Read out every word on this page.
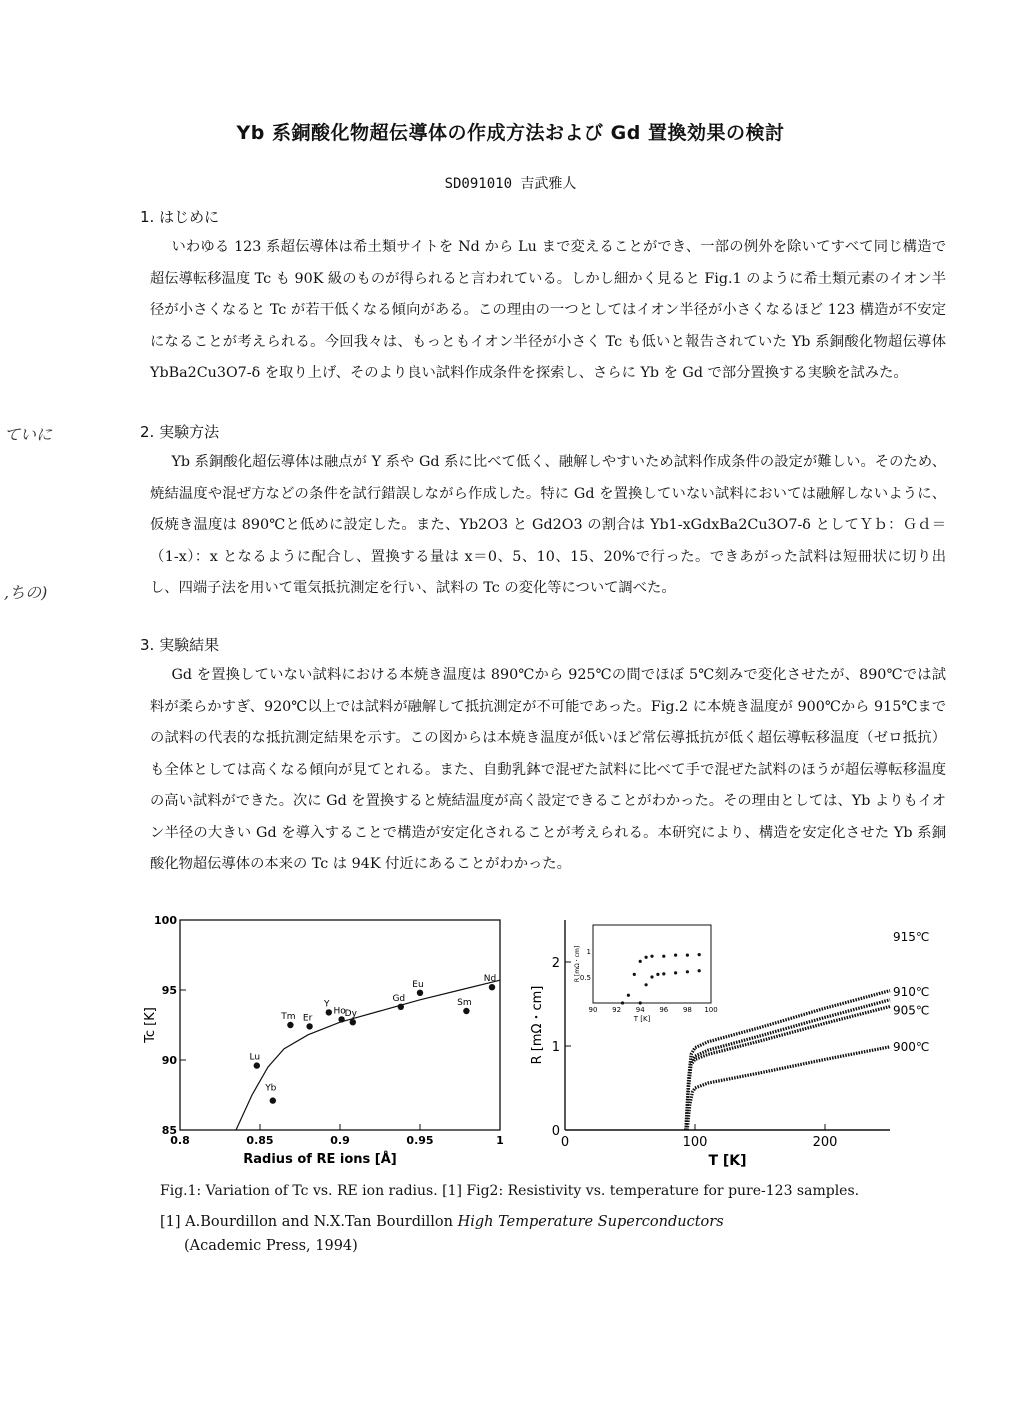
Yb 系銅酸化物超伝導体の作成方法および Gd 置換効果の検討
SD091010 吉武雅人
1. はじめに

いわゆる 123 系超伝導体は希土類サイトを Nd から Lu まで変えることができ、一部の例外を除いてすべて同じ構造で超伝導転移温度 Tc も 90K 級のものが得られると言われている。しかし細かく見ると Fig.1 のように希土類元素のイオン半径が小さくなると Tc が若干低くなる傾向がある。この理由の一つとしてはイオン半径が小さくなるほど 123 構造が不安定になることが考えられる。今回我々は、もっともイオン半径が小さく Tc も低いと報告されていた Yb 系銅酸化物超伝導体 YbBa2Cu3O7-δ を取り上げ、そのより良い試料作成条件を探索し、さらに Yb を Gd で部分置換する実験を試みた。

2. 実験方法

Yb 系銅酸化超伝導体は融点が Y 系や Gd 系に比べて低く、融解しやすいため試料作成条件の設定が難しい。そのため、焼結温度や混ぜ方などの条件を試行錯誤しながら作成した。特に Gd を置換していない試料においては融解しないように、仮焼き温度は 890℃と低めに設定した。また、Yb2O3 と Gd2O3 の割合は Yb1-xGdxBa2Cu3O7-δ としてＹｂ：Ｇｄ＝（1-x）：x となるように配合し、置換する量は x＝0、5、10、15、20%で行った。できあがった試料は短冊状に切り出し、四端子法を用いて電気抵抗測定を行い、試料の Tc の変化等について調べた。

3. 実験結果

Gd を置換していない試料における本焼き温度は 890℃から 925℃の間でほぼ 5℃刻みで変化させたが、890℃では試料が柔らかすぎ、920℃以上では試料が融解して抵抗測定が不可能であった。Fig.2 に本焼き温度が 900℃から 915℃までの試料の代表的な抵抗測定結果を示す。この図からは本焼き温度が低いほど常伝導抵抗が低く超伝導転移温度（ゼロ抵抗）も全体としては高くなる傾向が見てとれる。また、自動乳鉢で混ぜた試料に比べて手で混ぜた試料のほうが超伝導転移温度の高い試料ができた。次に Gd を置換すると焼結温度が高く設定できることがわかった。その理由としては、Yb よりもイオン半径の大きい Gd を導入することで構造が安定化されることが考えられる。本研究により、構造を安定化させた Yb 系銅酸化物超伝導体の本来の Tc は 94K 付近にあることがわかった。

ていに
,ちの)
0.8	0.85	0.9	0.95	1
85
90
95
100
Radius of RE ions [Å]
Tc [K]
Lu
Yb
Tm Er
Y
Ho
Dy
Gd
Eu
Sm
Nd
0	100	200
0
1
2
T [K]
R [mΩ・cm]
915℃
910℃
905℃
900℃
90 92 94 96 98 100
0.5
1
T [K]
R [mΩ・cm]
Fig.1: Variation of Tc vs. RE ion radius. [1] Fig2: Resistivity vs. temperature for pure-123 samples.
[1] A.Bourdillon and N.X.Tan Bourdillon High Temperature Superconductors
(Academic Press, 1994)
